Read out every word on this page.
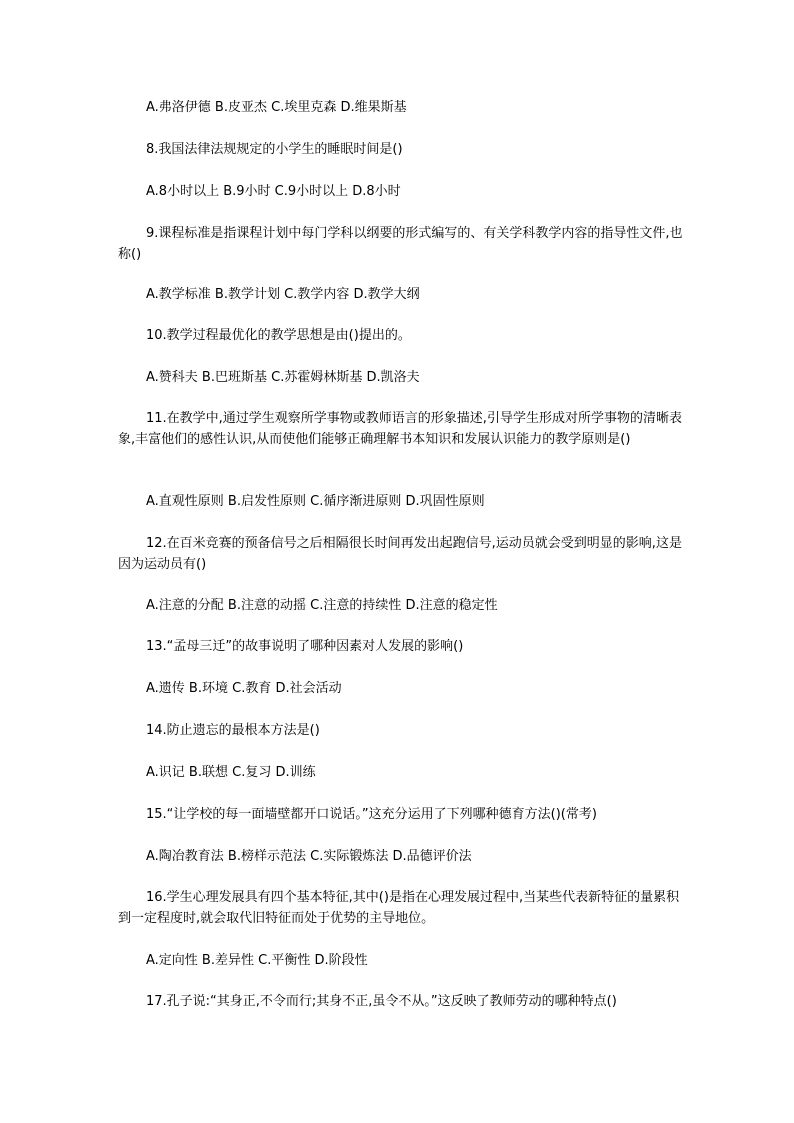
A.弗洛伊德 B.皮亚杰 C.埃里克森 D.维果斯基
8.我国法律法规规定的小学生的睡眠时间是()
A.8小时以上 B.9小时 C.9小时以上 D.8小时
9.课程标准是指课程计划中每门学科以纲要的形式编写的、有关学科教学内容的指导性文件,也称()
A.教学标准 B.教学计划 C.教学内容 D.教学大纲
10.教学过程最优化的教学思想是由()提出的。
A.赞科夫 B.巴班斯基 C.苏霍姆林斯基 D.凯洛夫
11.在教学中,通过学生观察所学事物或教师语言的形象描述,引导学生形成对所学事物的清晰表象,丰富他们的感性认识,从而使他们能够正确理解书本知识和发展认识能力的教学原则是()
A.直观性原则 B.启发性原则 C.循序渐进原则 D.巩固性原则
12.在百米竞赛的预备信号之后相隔很长时间再发出起跑信号,运动员就会受到明显的影响,这是因为运动员有()
A.注意的分配 B.注意的动摇 C.注意的持续性 D.注意的稳定性
13.“孟母三迁”的故事说明了哪种因素对人发展的影响()
A.遗传 B.环境 C.教育 D.社会活动
14.防止遗忘的最根本方法是()
A.识记 B.联想 C.复习 D.训练
15.“让学校的每一面墙壁都开口说话。”这充分运用了下列哪种德育方法()(常考)
A.陶冶教育法 B.榜样示范法 C.实际锻炼法 D.品德评价法
16.学生心理发展具有四个基本特征,其中()是指在心理发展过程中,当某些代表新特征的量累积到一定程度时,就会取代旧特征而处于优势的主导地位。
A.定向性 B.差异性 C.平衡性 D.阶段性
17.孔子说:“其身正,不令而行;其身不正,虽令不从。”这反映了教师劳动的哪种特点()
